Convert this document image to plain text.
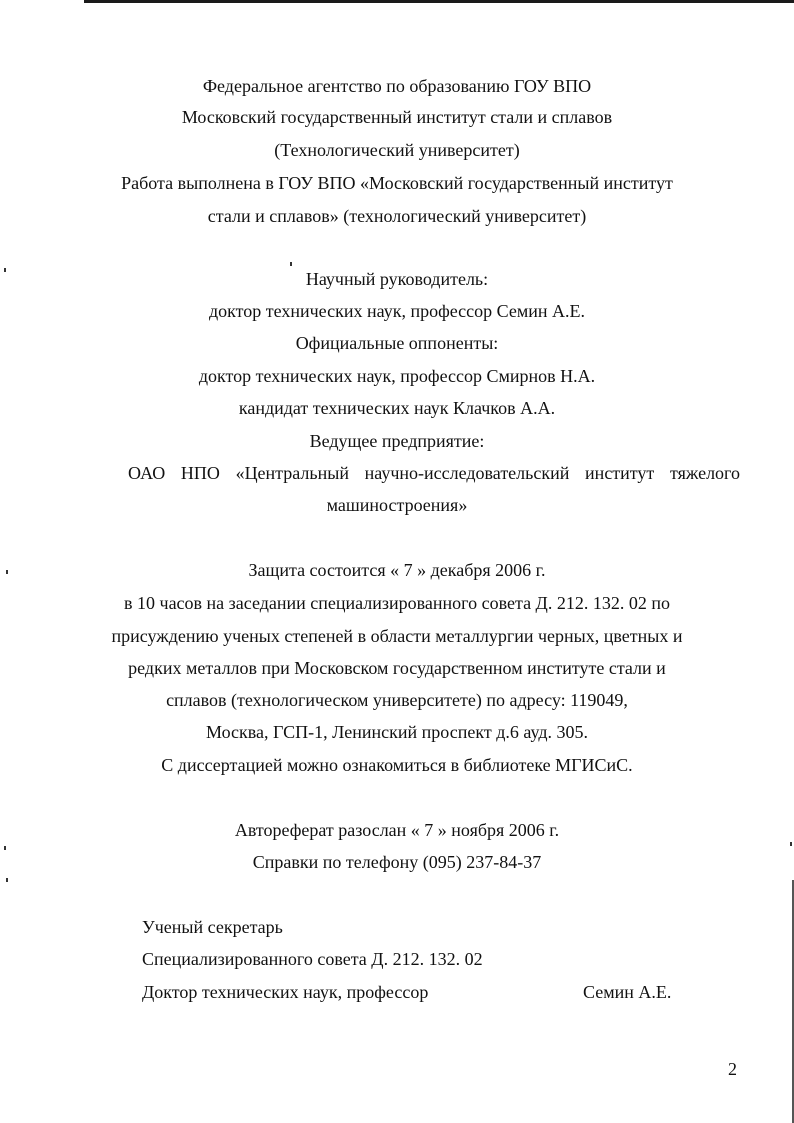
Федеральное агентство по образованию ГОУ ВПО
Московский государственный институт стали и сплавов
(Технологический университет)
Работа выполнена в ГОУ ВПО «Московский государственный институт
стали и сплавов» (технологический университет)
Научный руководитель:
доктор технических наук, профессор Семин А.Е.
Официальные оппоненты:
доктор технических наук, профессор Смирнов Н.А.
кандидат технических наук Клачков А.А.
Ведущее предприятие:
ОАО НПО «Центральный научно-исследовательский институт тяжелого
машиностроения»
Защита состоится « 7 » декабря 2006 г.
в 10 часов на заседании специализированного совета Д. 212. 132. 02 по
присуждению ученых степеней в области металлургии черных, цветных и
редких металлов при Московском государственном институте стали и
сплавов (технологическом университете) по адресу: 119049,
Москва, ГСП-1, Ленинский проспект д.6 ауд. 305.
С диссертацией можно ознакомиться в библиотеке МГИСиС.
Автореферат разослан « 7 » ноября 2006 г.
Справки по телефону (095) 237-84-37
Ученый секретарь
Специализированного совета Д. 212. 132. 02
Доктор технических наук, профессор	Семин А.Е.
2
